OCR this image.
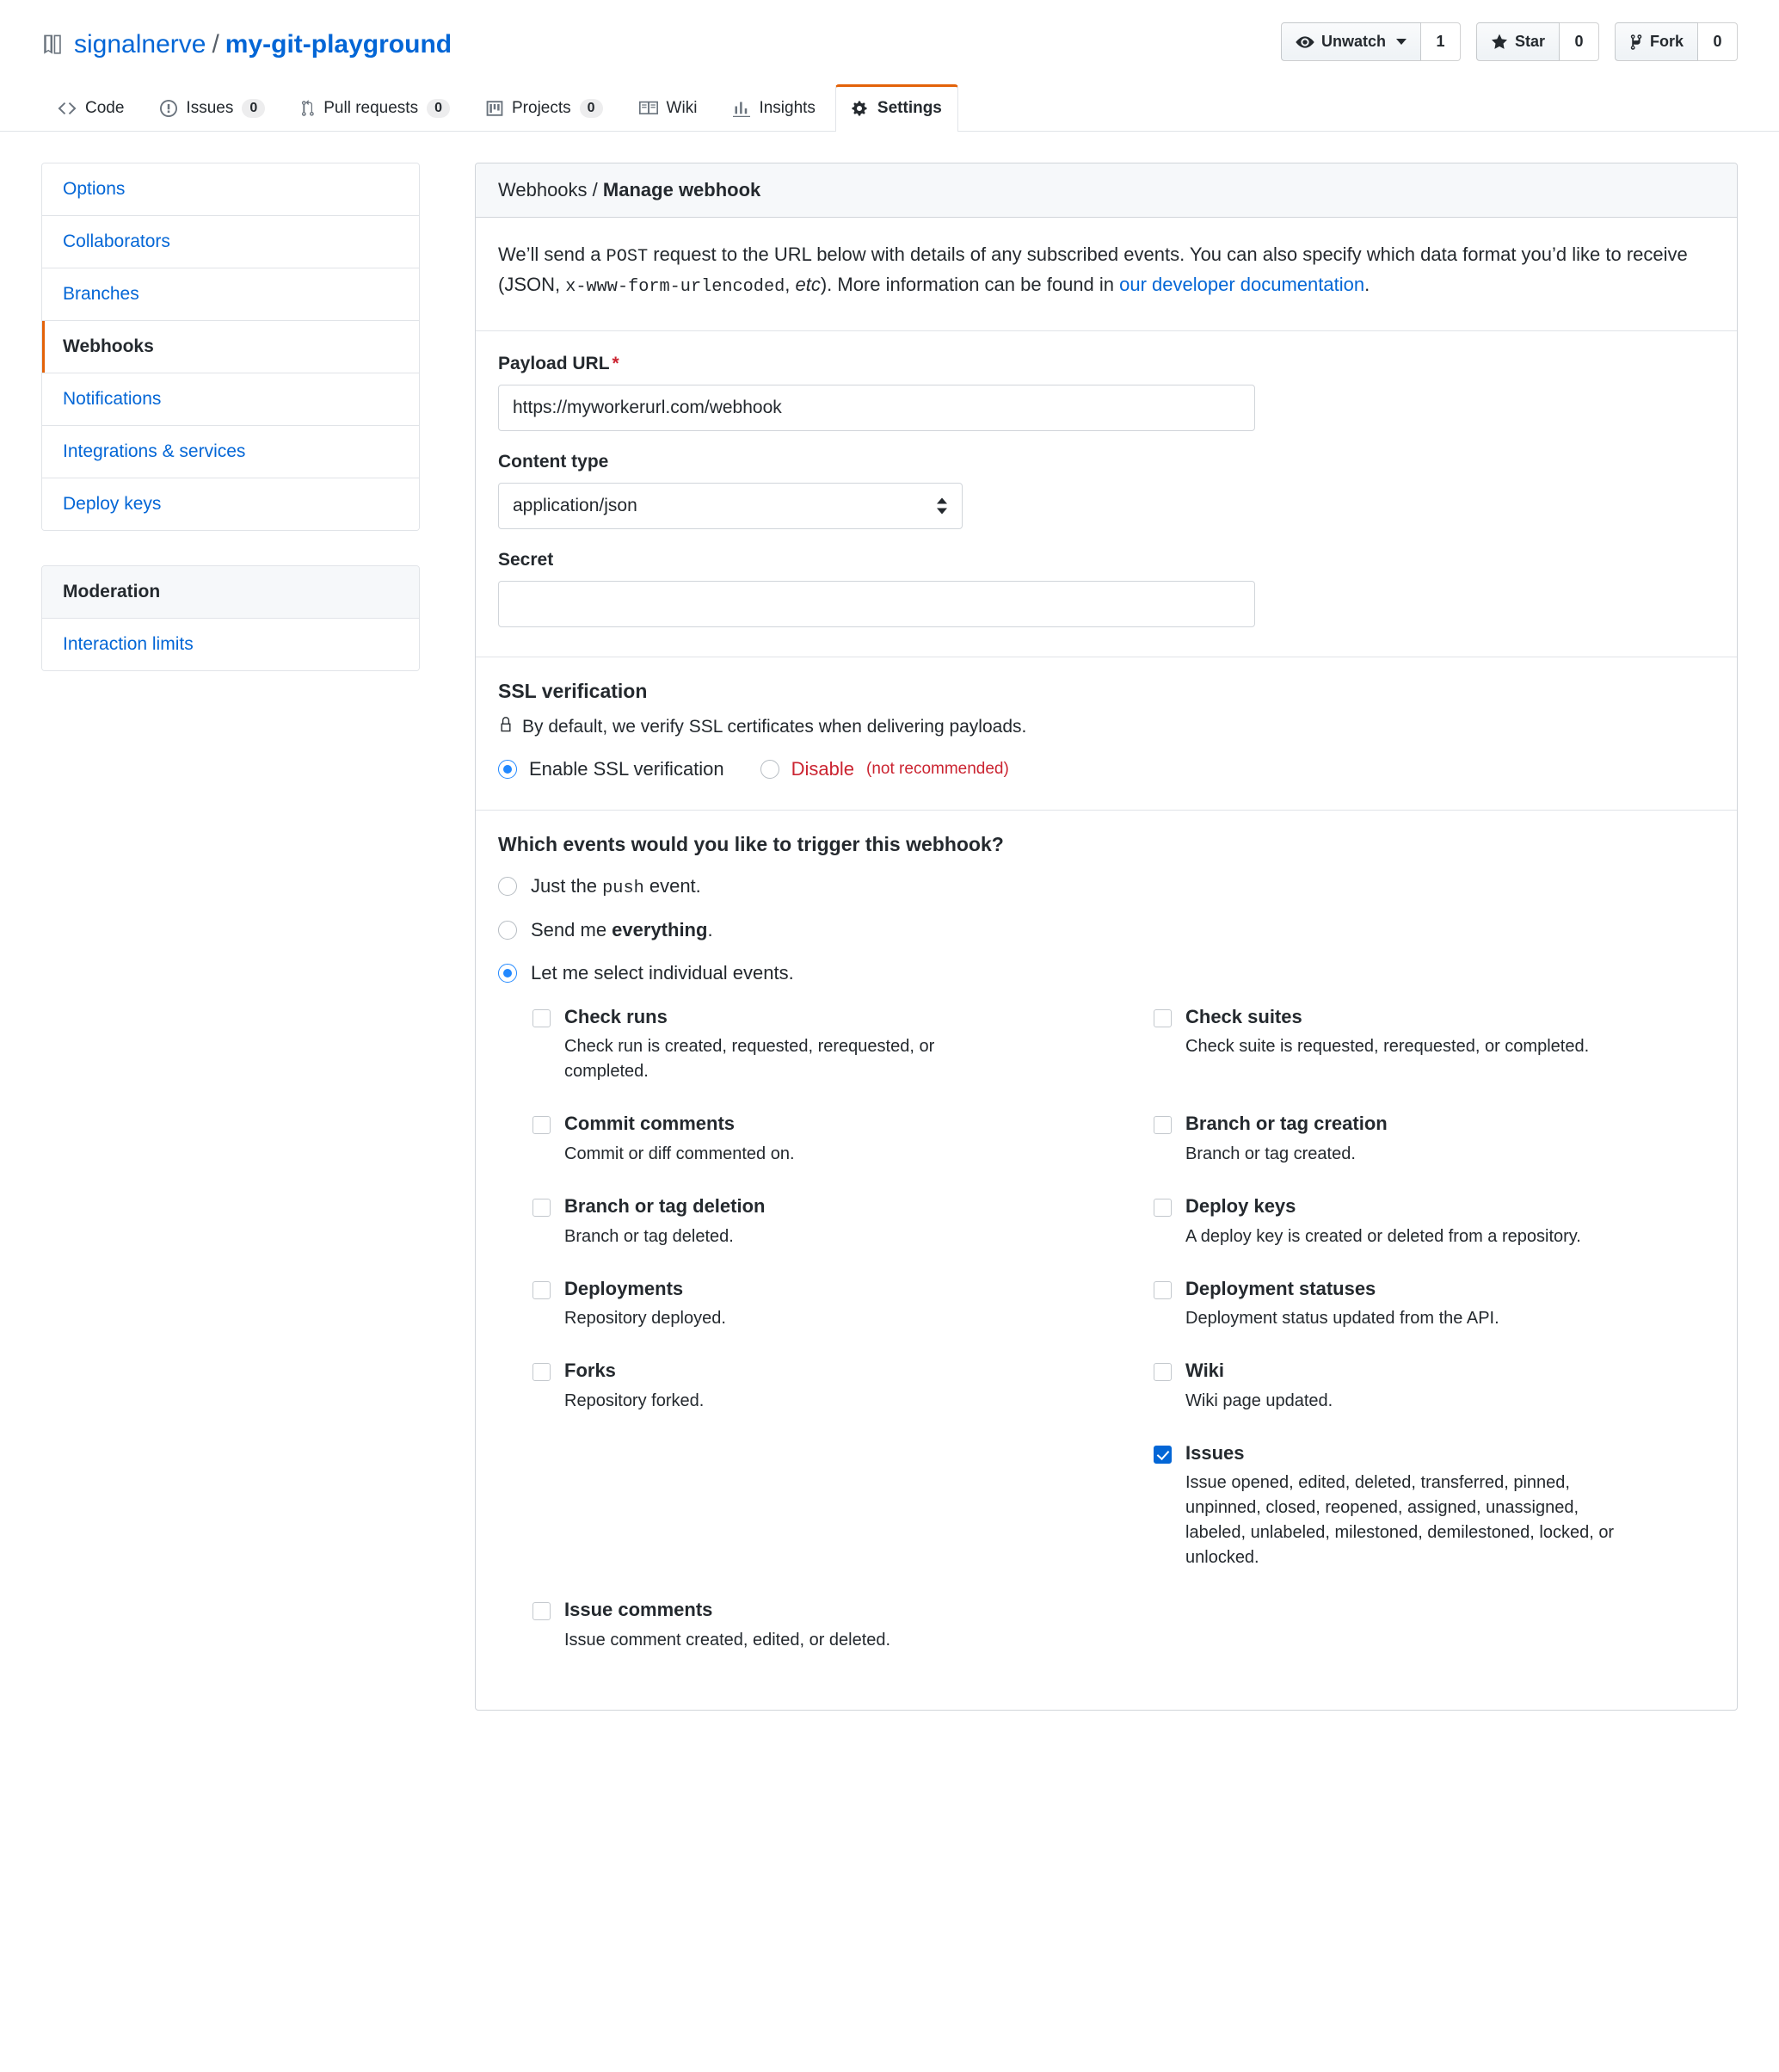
signalnerve / my-git-playground	Unwatch	1	Star	0	Fork	0
Code	Issues	0	Pull requests	0	Projects	0	Wiki	Insights	Settings
Options
Collaborators
Branches
Webhooks
Notifications
Integrations & services
Deploy keys
Moderation
Interaction limits
Webhooks / Manage webhook

We’ll send a POST request to the URL below with details of any subscribed events. You can also specify which data format you’d like to receive (JSON, x-www-form-urlencoded, etc). More information can be found in our developer documentation.

Payload URL *
https://myworkerurl.com/webhook
Content type
application/json
Secret
SSL verification
By default, we verify SSL certificates when delivering payloads.
Enable SSL verification	Disable (not recommended)
Which events would you like to trigger this webhook?
Just the push event.
Send me everything.
Let me select individual events.
Check runs
Check run is created, requested, rerequested, or completed.
Check suites
Check suite is requested, rerequested, or completed.
Commit comments
Commit or diff commented on.
Branch or tag creation
Branch or tag created.
Branch or tag deletion
Branch or tag deleted.
Deploy keys
A deploy key is created or deleted from a repository.
Deployments
Repository deployed.
Deployment statuses
Deployment status updated from the API.
Forks
Repository forked.
Wiki
Wiki page updated.
Issues
Issue opened, edited, deleted, transferred, pinned, unpinned, closed, reopened, assigned, unassigned, labeled, unlabeled, milestoned, demilestoned, locked, or unlocked.
Issue comments
Issue comment created, edited, or deleted.
